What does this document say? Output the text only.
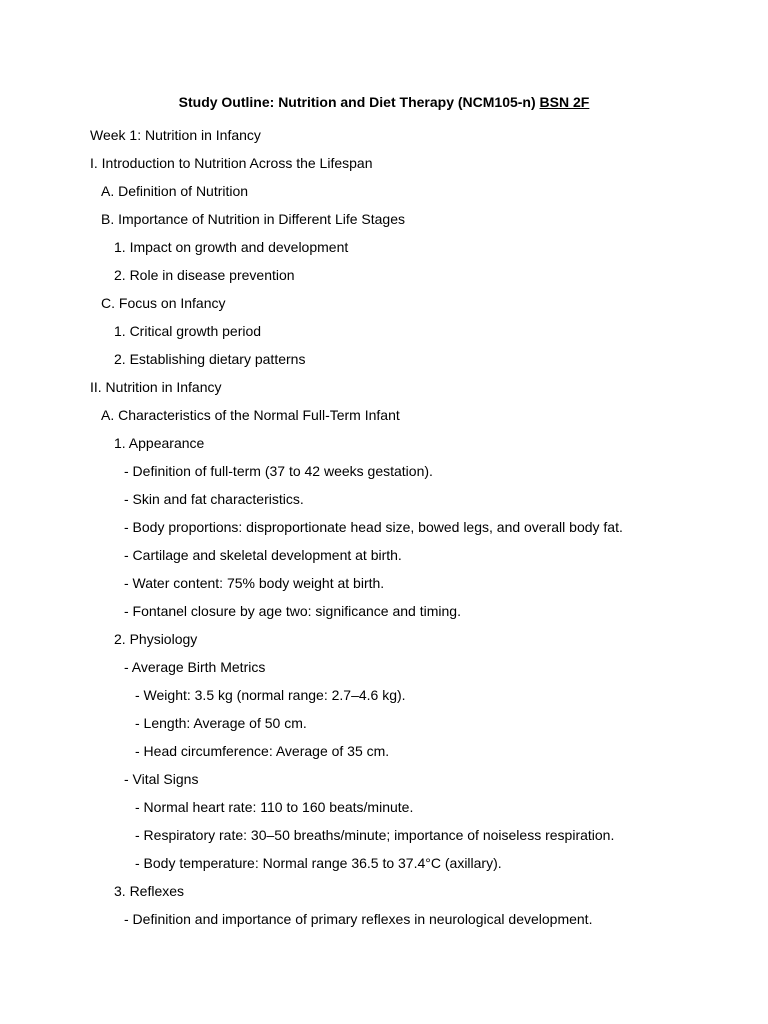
Study Outline: Nutrition and Diet Therapy (NCM105-n) BSN 2F
Week 1: Nutrition in Infancy
I. Introduction to Nutrition Across the Lifespan
A. Definition of Nutrition
B. Importance of Nutrition in Different Life Stages
1. Impact on growth and development
2. Role in disease prevention
C. Focus on Infancy
1. Critical growth period
2. Establishing dietary patterns
II. Nutrition in Infancy
A. Characteristics of the Normal Full-Term Infant
1. Appearance
- Definition of full-term (37 to 42 weeks gestation).
- Skin and fat characteristics.
- Body proportions: disproportionate head size, bowed legs, and overall body fat.
- Cartilage and skeletal development at birth.
- Water content: 75% body weight at birth.
- Fontanel closure by age two: significance and timing.
2. Physiology
- Average Birth Metrics
- Weight: 3.5 kg (normal range: 2.7–4.6 kg).
- Length: Average of 50 cm.
- Head circumference: Average of 35 cm.
- Vital Signs
- Normal heart rate: 110 to 160 beats/minute.
- Respiratory rate: 30–50 breaths/minute; importance of noiseless respiration.
- Body temperature: Normal range 36.5 to 37.4°C (axillary).
3. Reflexes
- Definition and importance of primary reflexes in neurological development.
